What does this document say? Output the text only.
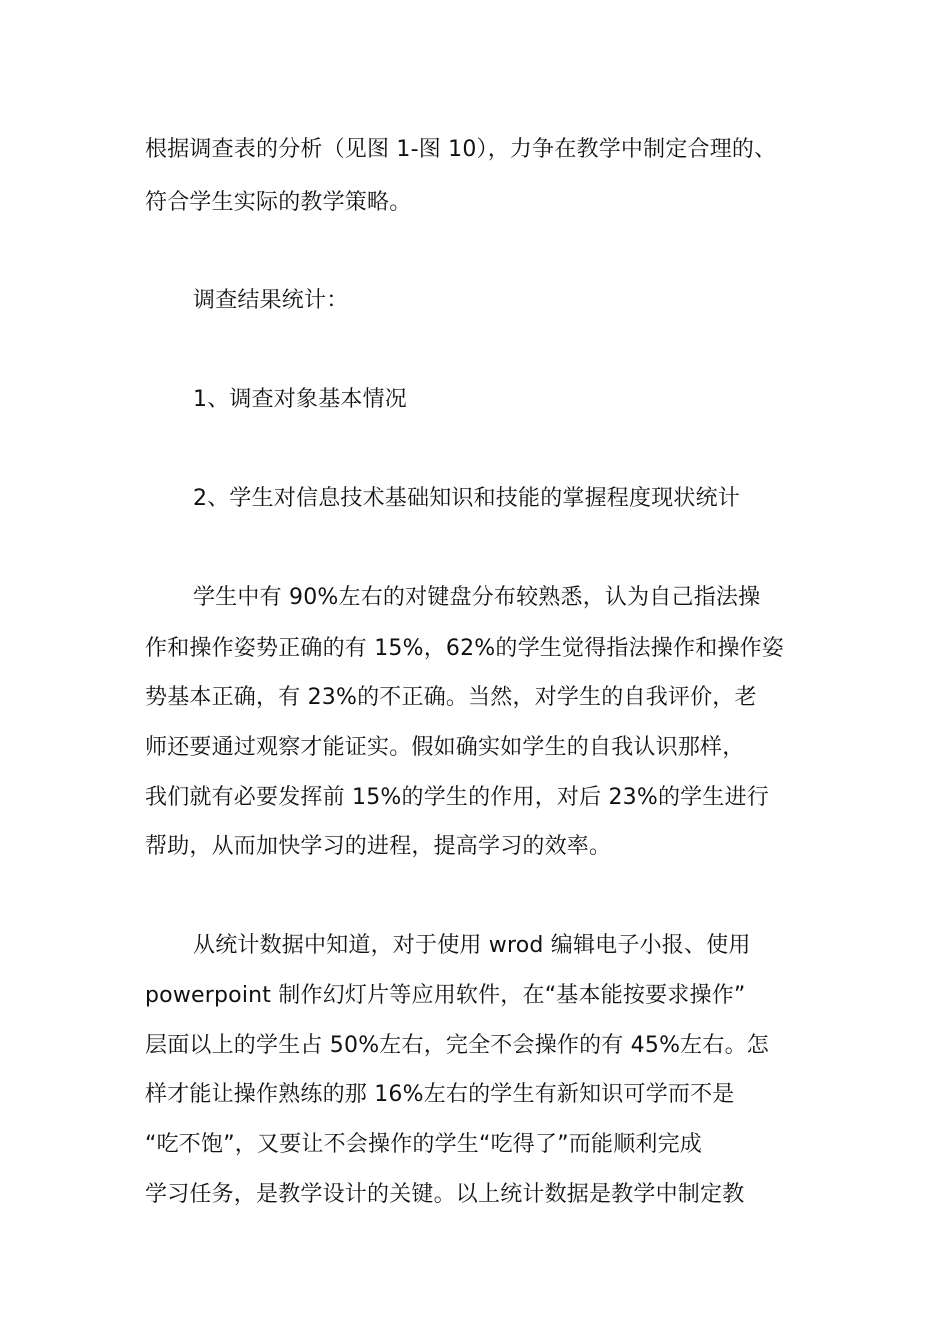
根据调查表的分析（见图 1-图 10），力争在教学中制定合理的、
符合学生实际的教学策略。
调查结果统计：
1、调查对象基本情况
2、学生对信息技术基础知识和技能的掌握程度现状统计
学生中有 90%左右的对键盘分布较熟悉，认为自己指法操
作和操作姿势正确的有 15%，62%的学生觉得指法操作和操作姿
势基本正确，有 23%的不正确。当然，对学生的自我评价，老
师还要通过观察才能证实。假如确实如学生的自我认识那样，
我们就有必要发挥前 15%的学生的作用，对后 23%的学生进行
帮助，从而加快学习的进程，提高学习的效率。
从统计数据中知道，对于使用 wrod 编辑电子小报、使用
powerpoint 制作幻灯片等应用软件，在“基本能按要求操作”
层面以上的学生占 50%左右，完全不会操作的有 45%左右。怎
样才能让操作熟练的那 16%左右的学生有新知识可学而不是
“吃不饱”，又要让不会操作的学生“吃得了”而能顺利完成
学习任务，是教学设计的关键。以上统计数据是教学中制定教
